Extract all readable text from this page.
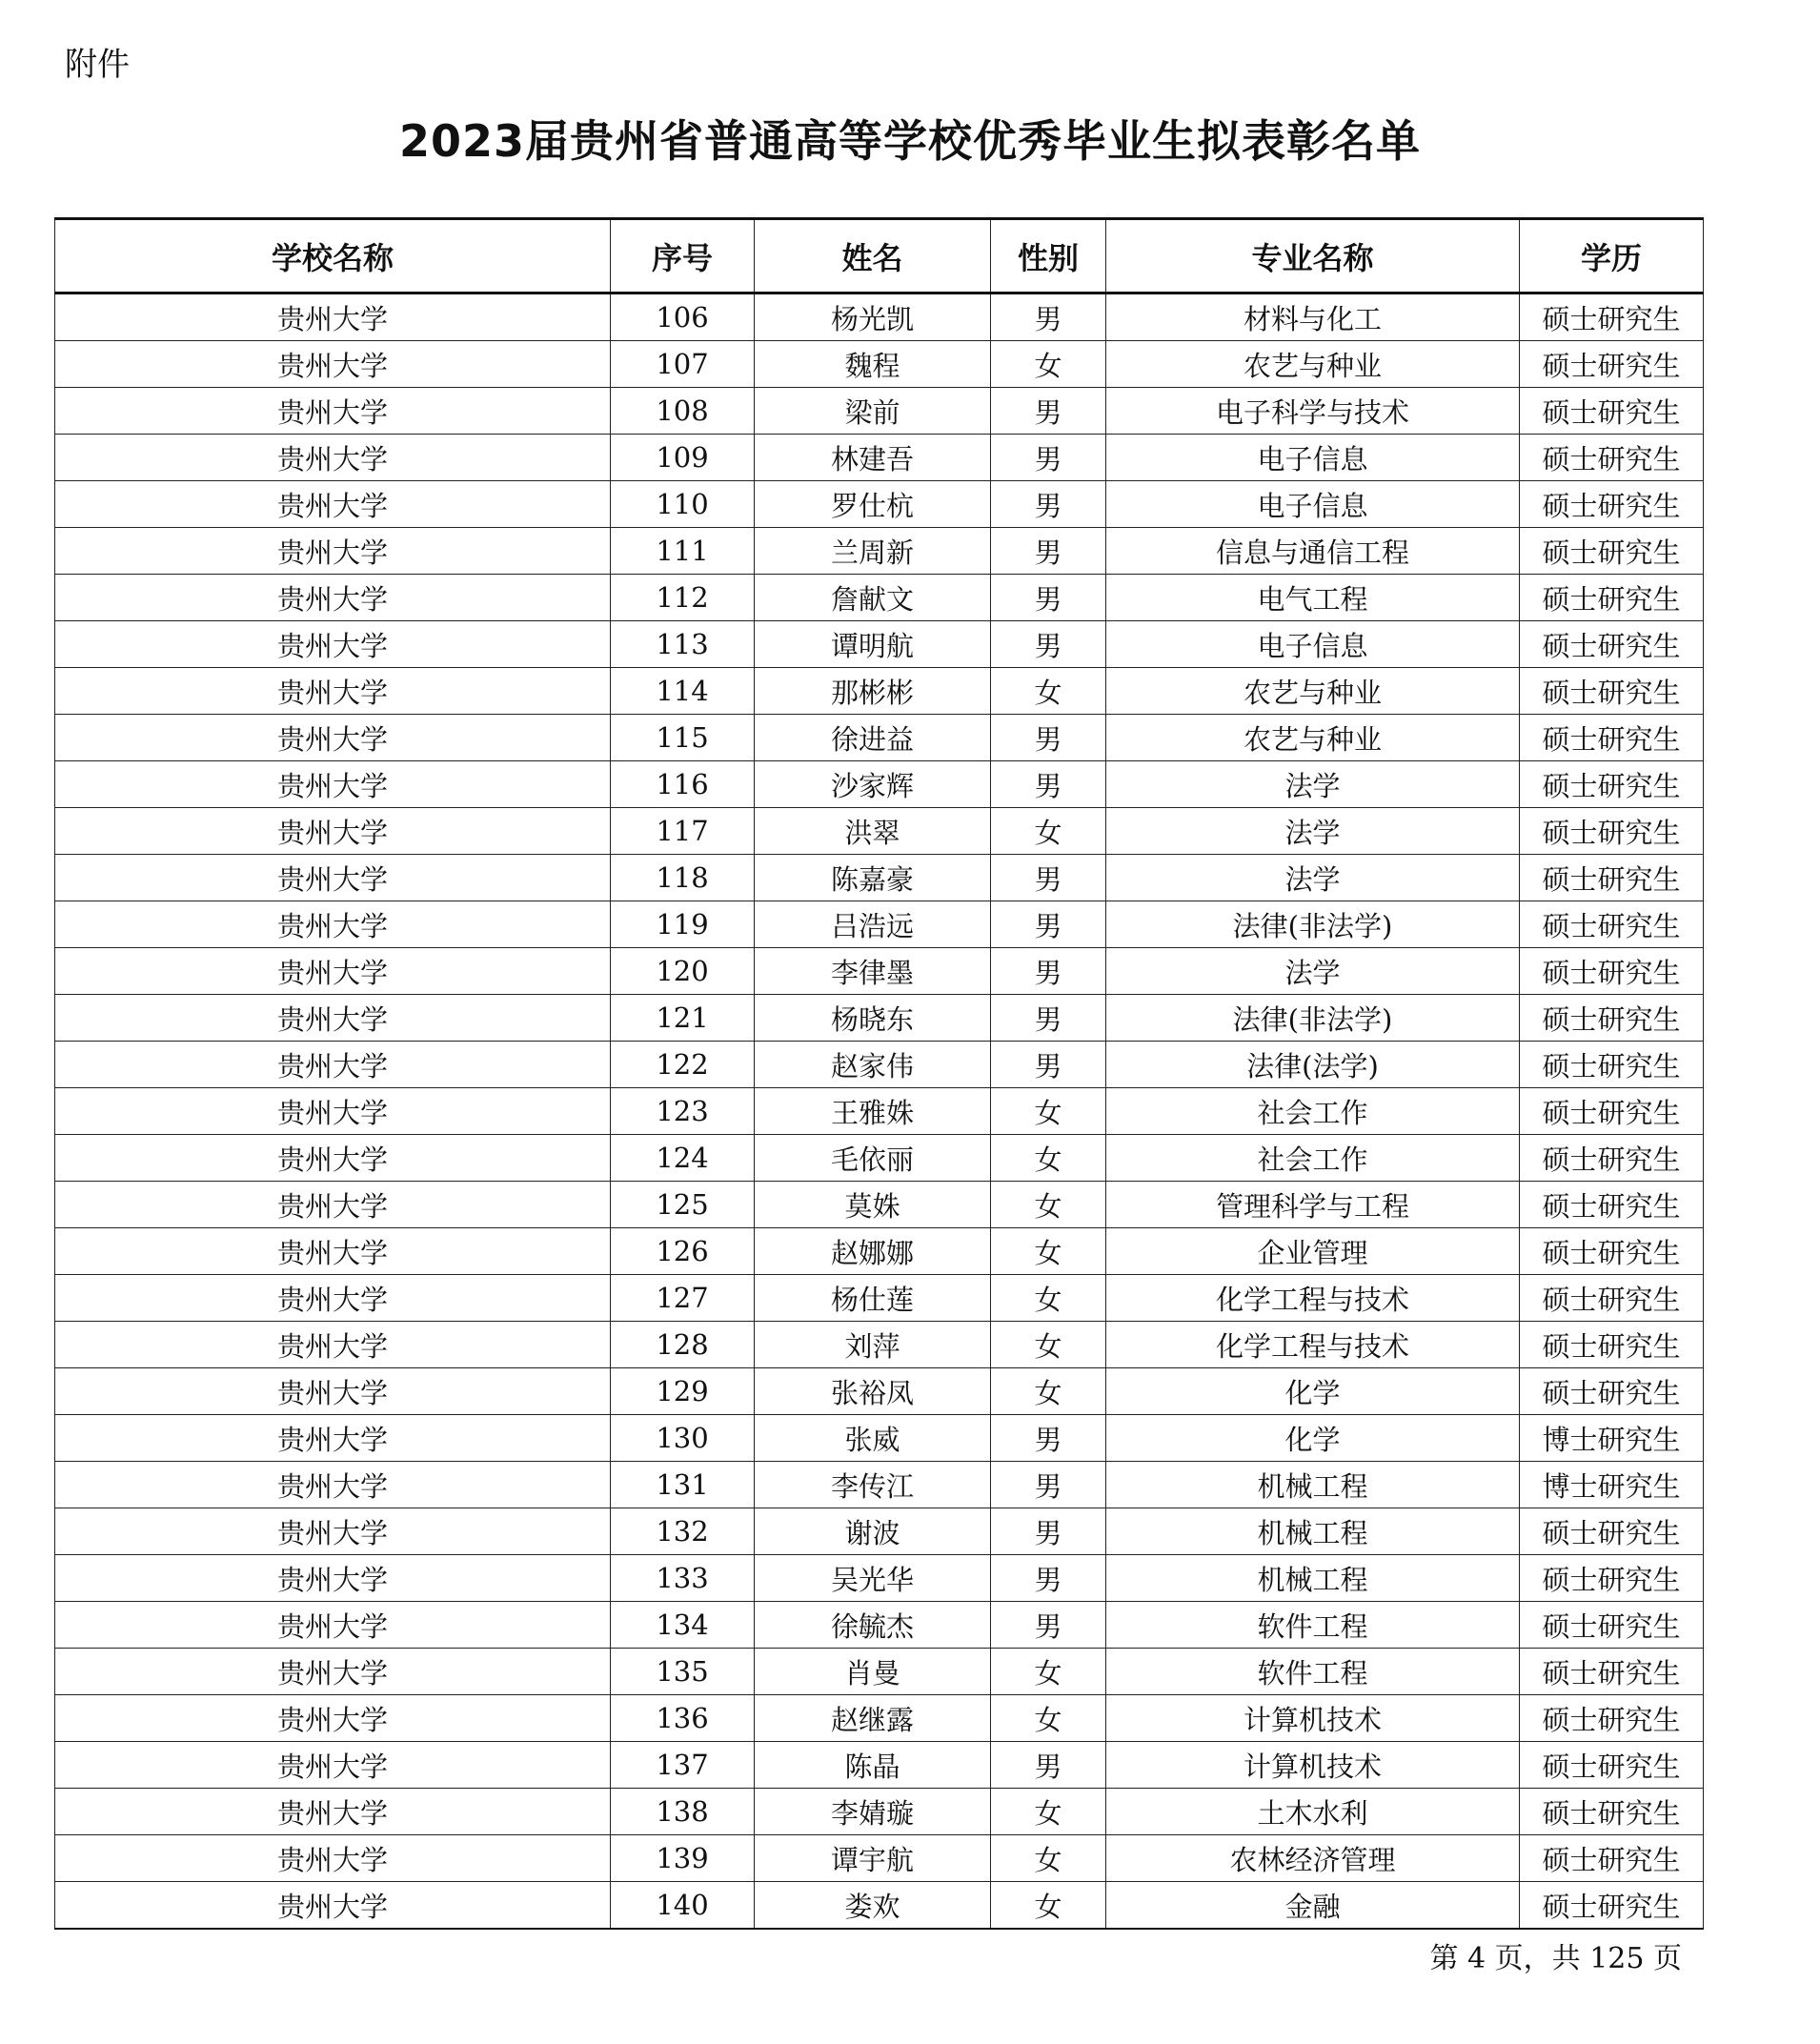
附件
2023届贵州省普通高等学校优秀毕业生拟表彰名单
学校名称	序号	姓名	性别	专业名称	学历
贵州大学	106	杨光凯	男	材料与化工	硕士研究生
贵州大学	107	魏程	女	农艺与种业	硕士研究生
贵州大学	108	梁前	男	电子科学与技术	硕士研究生
贵州大学	109	林建吾	男	电子信息	硕士研究生
贵州大学	110	罗仕杭	男	电子信息	硕士研究生
贵州大学	111	兰周新	男	信息与通信工程	硕士研究生
贵州大学	112	詹献文	男	电气工程	硕士研究生
贵州大学	113	谭明航	男	电子信息	硕士研究生
贵州大学	114	那彬彬	女	农艺与种业	硕士研究生
贵州大学	115	徐进益	男	农艺与种业	硕士研究生
贵州大学	116	沙家辉	男	法学	硕士研究生
贵州大学	117	洪翠	女	法学	硕士研究生
贵州大学	118	陈嘉豪	男	法学	硕士研究生
贵州大学	119	吕浩远	男	法律(非法学)	硕士研究生
贵州大学	120	李律墨	男	法学	硕士研究生
贵州大学	121	杨晓东	男	法律(非法学)	硕士研究生
贵州大学	122	赵家伟	男	法律(法学)	硕士研究生
贵州大学	123	王雅姝	女	社会工作	硕士研究生
贵州大学	124	毛依丽	女	社会工作	硕士研究生
贵州大学	125	莫姝	女	管理科学与工程	硕士研究生
贵州大学	126	赵娜娜	女	企业管理	硕士研究生
贵州大学	127	杨仕莲	女	化学工程与技术	硕士研究生
贵州大学	128	刘萍	女	化学工程与技术	硕士研究生
贵州大学	129	张裕凤	女	化学	硕士研究生
贵州大学	130	张威	男	化学	博士研究生
贵州大学	131	李传江	男	机械工程	博士研究生
贵州大学	132	谢波	男	机械工程	硕士研究生
贵州大学	133	吴光华	男	机械工程	硕士研究生
贵州大学	134	徐毓杰	男	软件工程	硕士研究生
贵州大学	135	肖曼	女	软件工程	硕士研究生
贵州大学	136	赵继露	女	计算机技术	硕士研究生
贵州大学	137	陈晶	男	计算机技术	硕士研究生
贵州大学	138	李婧璇	女	土木水利	硕士研究生
贵州大学	139	谭宇航	女	农林经济管理	硕士研究生
贵州大学	140	娄欢	女	金融	硕士研究生
第 4 页，共 125 页
